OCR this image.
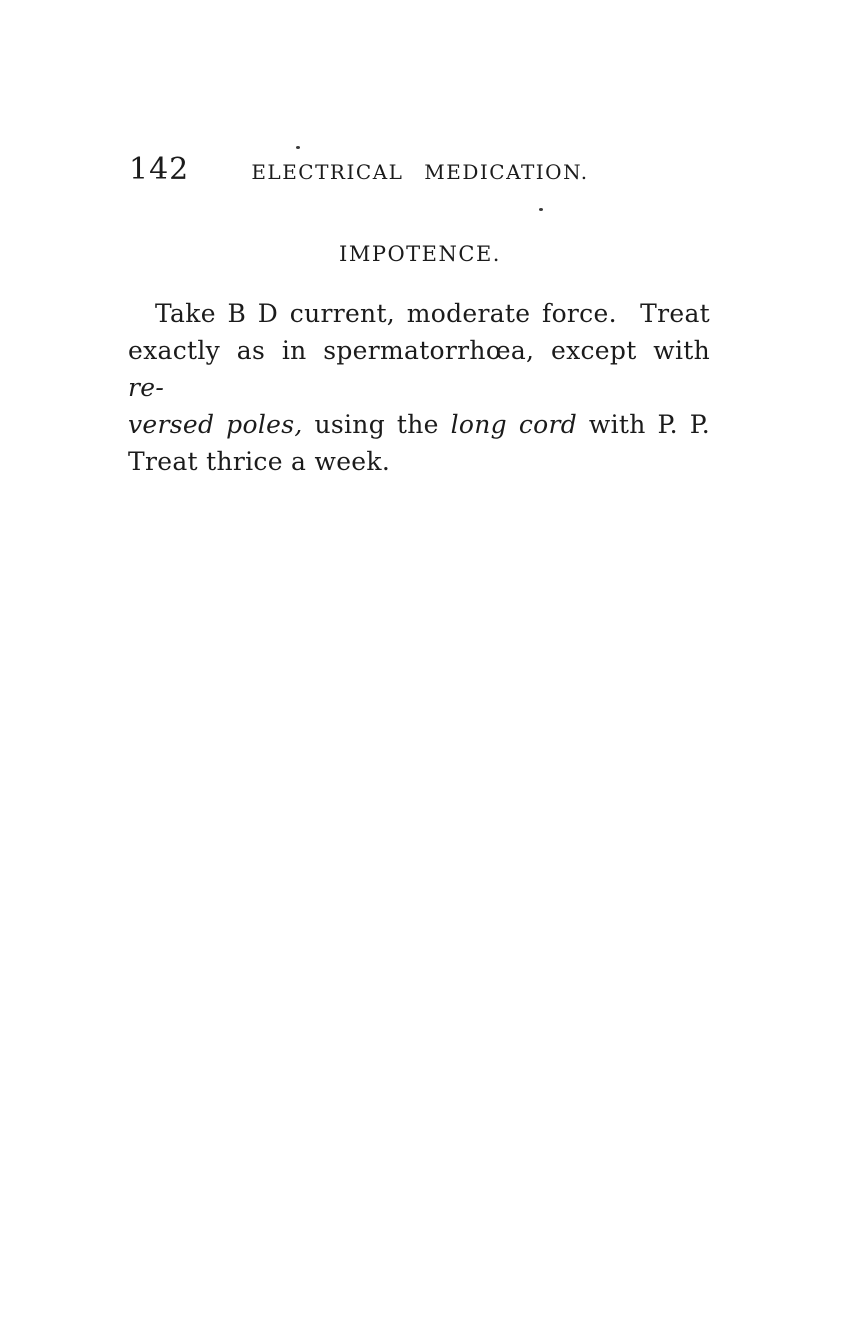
142	ELECTRICAL MEDICATION.
IMPOTENCE.

Take B D current, moderate force.  Treat

exactly as in spermatorrhœa, except with re-

versed poles, using the long cord with P. P.

Treat thrice a week.
